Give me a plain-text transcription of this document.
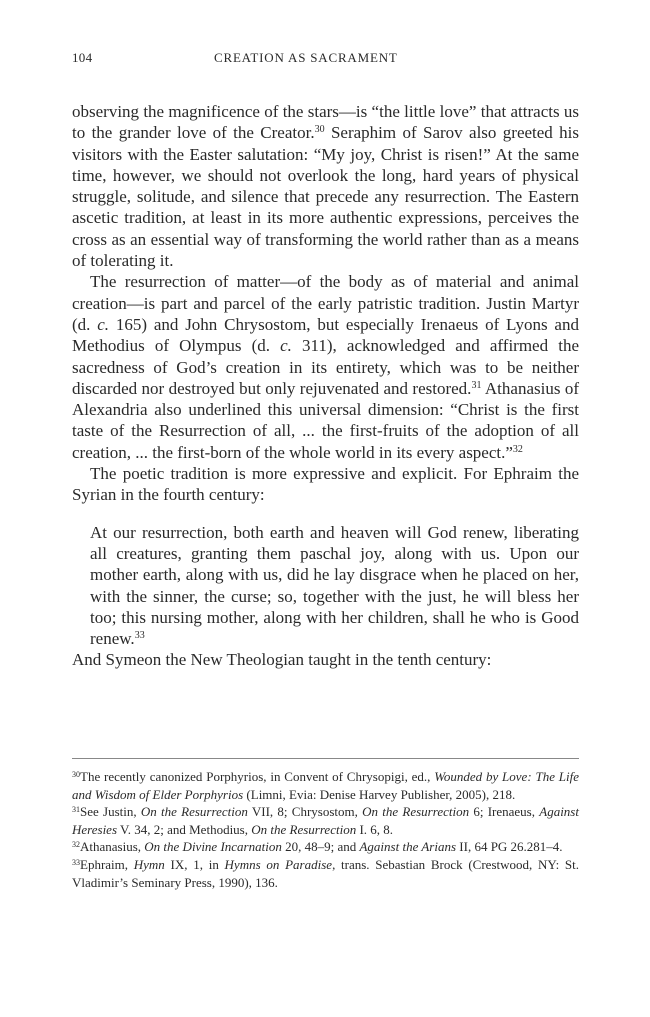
104	CREATION AS SACRAMENT

observing the magnificence of the stars—is “the little love” that attracts us to the grander love of the Creator.$^{30}$ Seraphim of Sarov also greeted his visitors with the Easter salutation: “My joy, Christ is risen!” At the same time, however, we should not overlook the long, hard years of physical struggle, solitude, and silence that precede any resurrection. The Eastern ascetic tradition, at least in its more authentic expressions, perceives the cross as an essential way of transforming the world rather than as a means of tolerating it.

The resurrection of matter—of the body as of material and animal creation—is part and parcel of the early patristic tradition. Justin Martyr (d. c. 165) and John Chrysostom, but especially Irenaeus of Lyons and Methodius of Olympus (d. c. 311), acknowledged and affirmed the sacredness of God’s creation in its entirety, which was to be neither discarded nor destroyed but only rejuvenated and restored.$^{31}$ Athanasius of Alexandria also underlined this universal dimension: “Christ is the first taste of the Resurrection of all, ... the first-fruits of the adoption of all creation, ... the first-born of the whole world in its every aspect.”$^{32}$

The poetic tradition is more expressive and explicit. For Ephraim the Syrian in the fourth century:

At our resurrection, both earth and heaven will God renew, liberating all creatures, granting them paschal joy, along with us. Upon our mother earth, along with us, did he lay disgrace when he placed on her, with the sinner, the curse; so, together with the just, he will bless her too; this nursing mother, along with her children, shall he who is Good renew.$^{33}$

And Symeon the New Theologian taught in the tenth century:

$^{30}$The recently canonized Porphyrios, in Convent of Chrysopigi, ed., Wounded by Love: The Life and Wisdom of Elder Porphyrios (Limni, Evia: Denise Harvey Publisher, 2005), 218.

$^{31}$See Justin, On the Resurrection VII, 8; Chrysostom, On the Resurrection 6; Irenaeus, Against Heresies V. 34, 2; and Methodius, On the Resurrection I. 6, 8.

$^{32}$Athanasius, On the Divine Incarnation 20, 48–9; and Against the Arians II, 64 PG 26.281–4.

$^{33}$Ephraim, Hymn IX, 1, in Hymns on Paradise, trans. Sebastian Brock (Crestwood, NY: St. Vladimir’s Seminary Press, 1990), 136.
